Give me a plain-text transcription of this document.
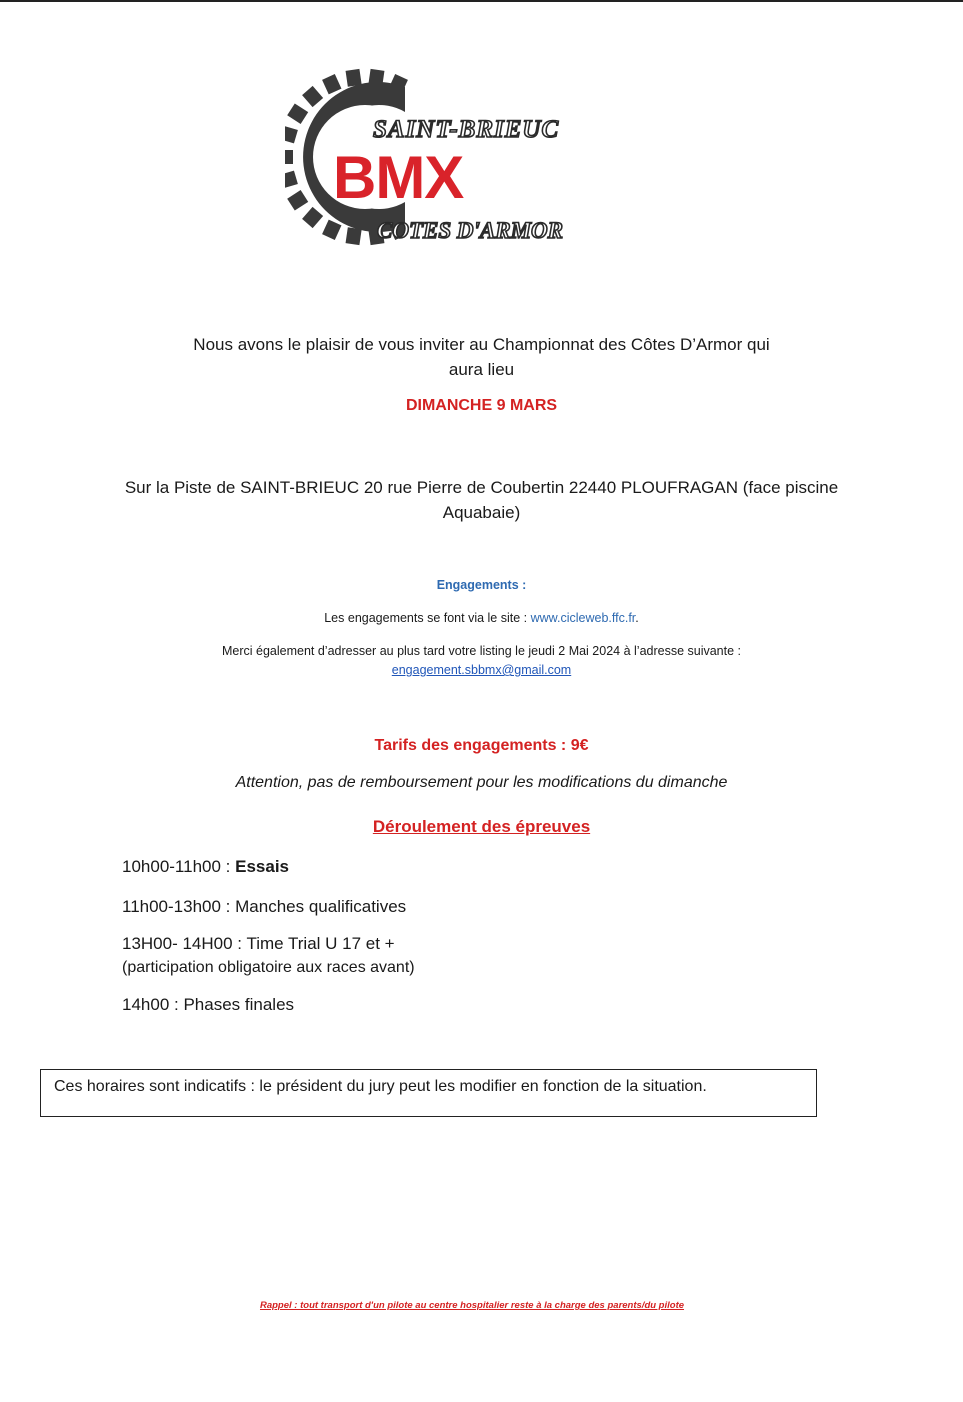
SAINT-BRIEUC
BMX
COTES D'ARMOR
Nous avons le plaisir de vous inviter au Championnat des Côtes D’Armor qui
aura lieu
DIMANCHE 9 MARS
Sur la Piste de SAINT-BRIEUC 20 rue Pierre de Coubertin 22440 PLOUFRAGAN (face piscine
Aquabaie)
Engagements :
Les engagements se font via le site : www.cicleweb.ffc.fr.
Merci également d’adresser au plus tard votre listing le jeudi 2 Mai 2024 à l’adresse suivante :
engagement.sbbmx@gmail.com
Tarifs des engagements : 9€
Attention, pas de remboursement pour les modifications du dimanche
Déroulement des épreuves
10h00-11h00 : Essais
11h00-13h00 : Manches qualificatives
13H00- 14H00 : Time Trial U 17 et +
(participation obligatoire aux races avant)
14h00 : Phases finales
Ces horaires sont indicatifs : le président du jury peut les modifier en fonction de la situation.
Rappel : tout transport d'un pilote au centre hospitalier reste à la charge des parents/du pilote
